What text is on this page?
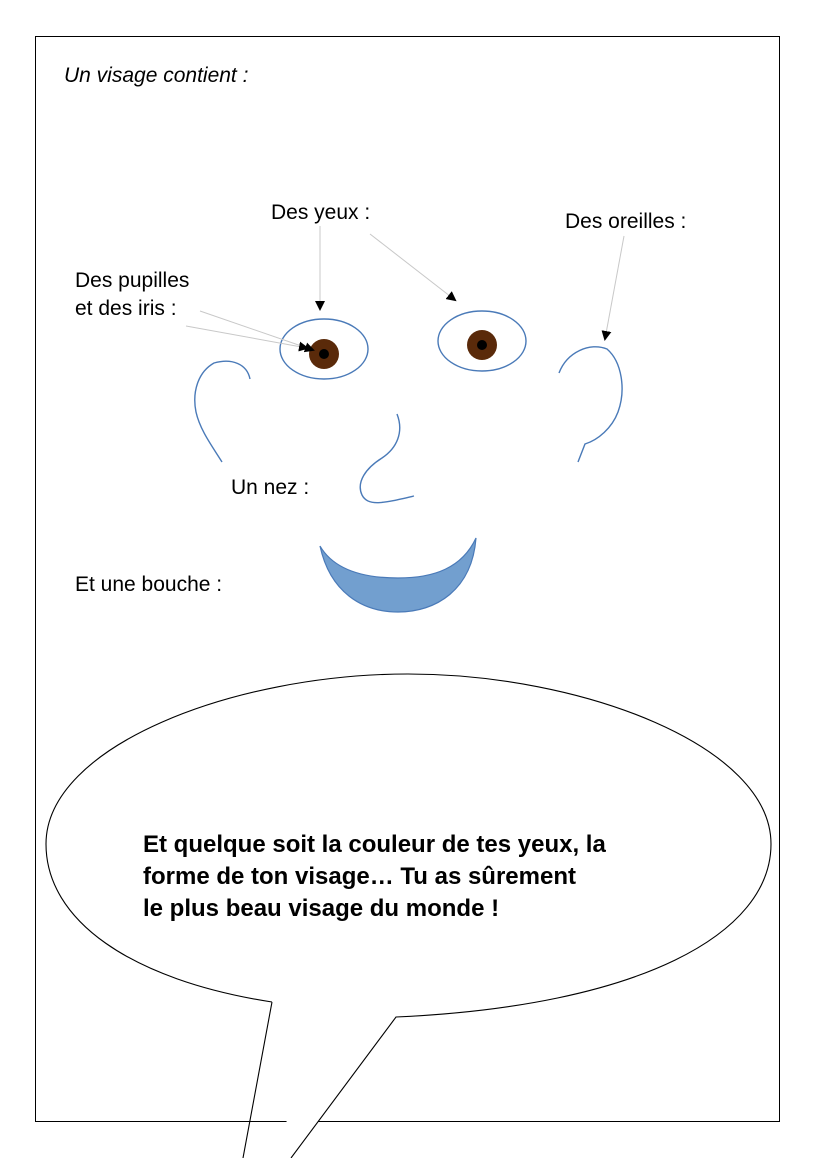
Un visage contient :
Des yeux :	Des oreilles :
Des pupilles
et des iris :
Un nez :
Et une bouche :
Et quelque soit la couleur de tes yeux, la
forme de ton visage… Tu as sûrement
le plus beau visage du monde !
